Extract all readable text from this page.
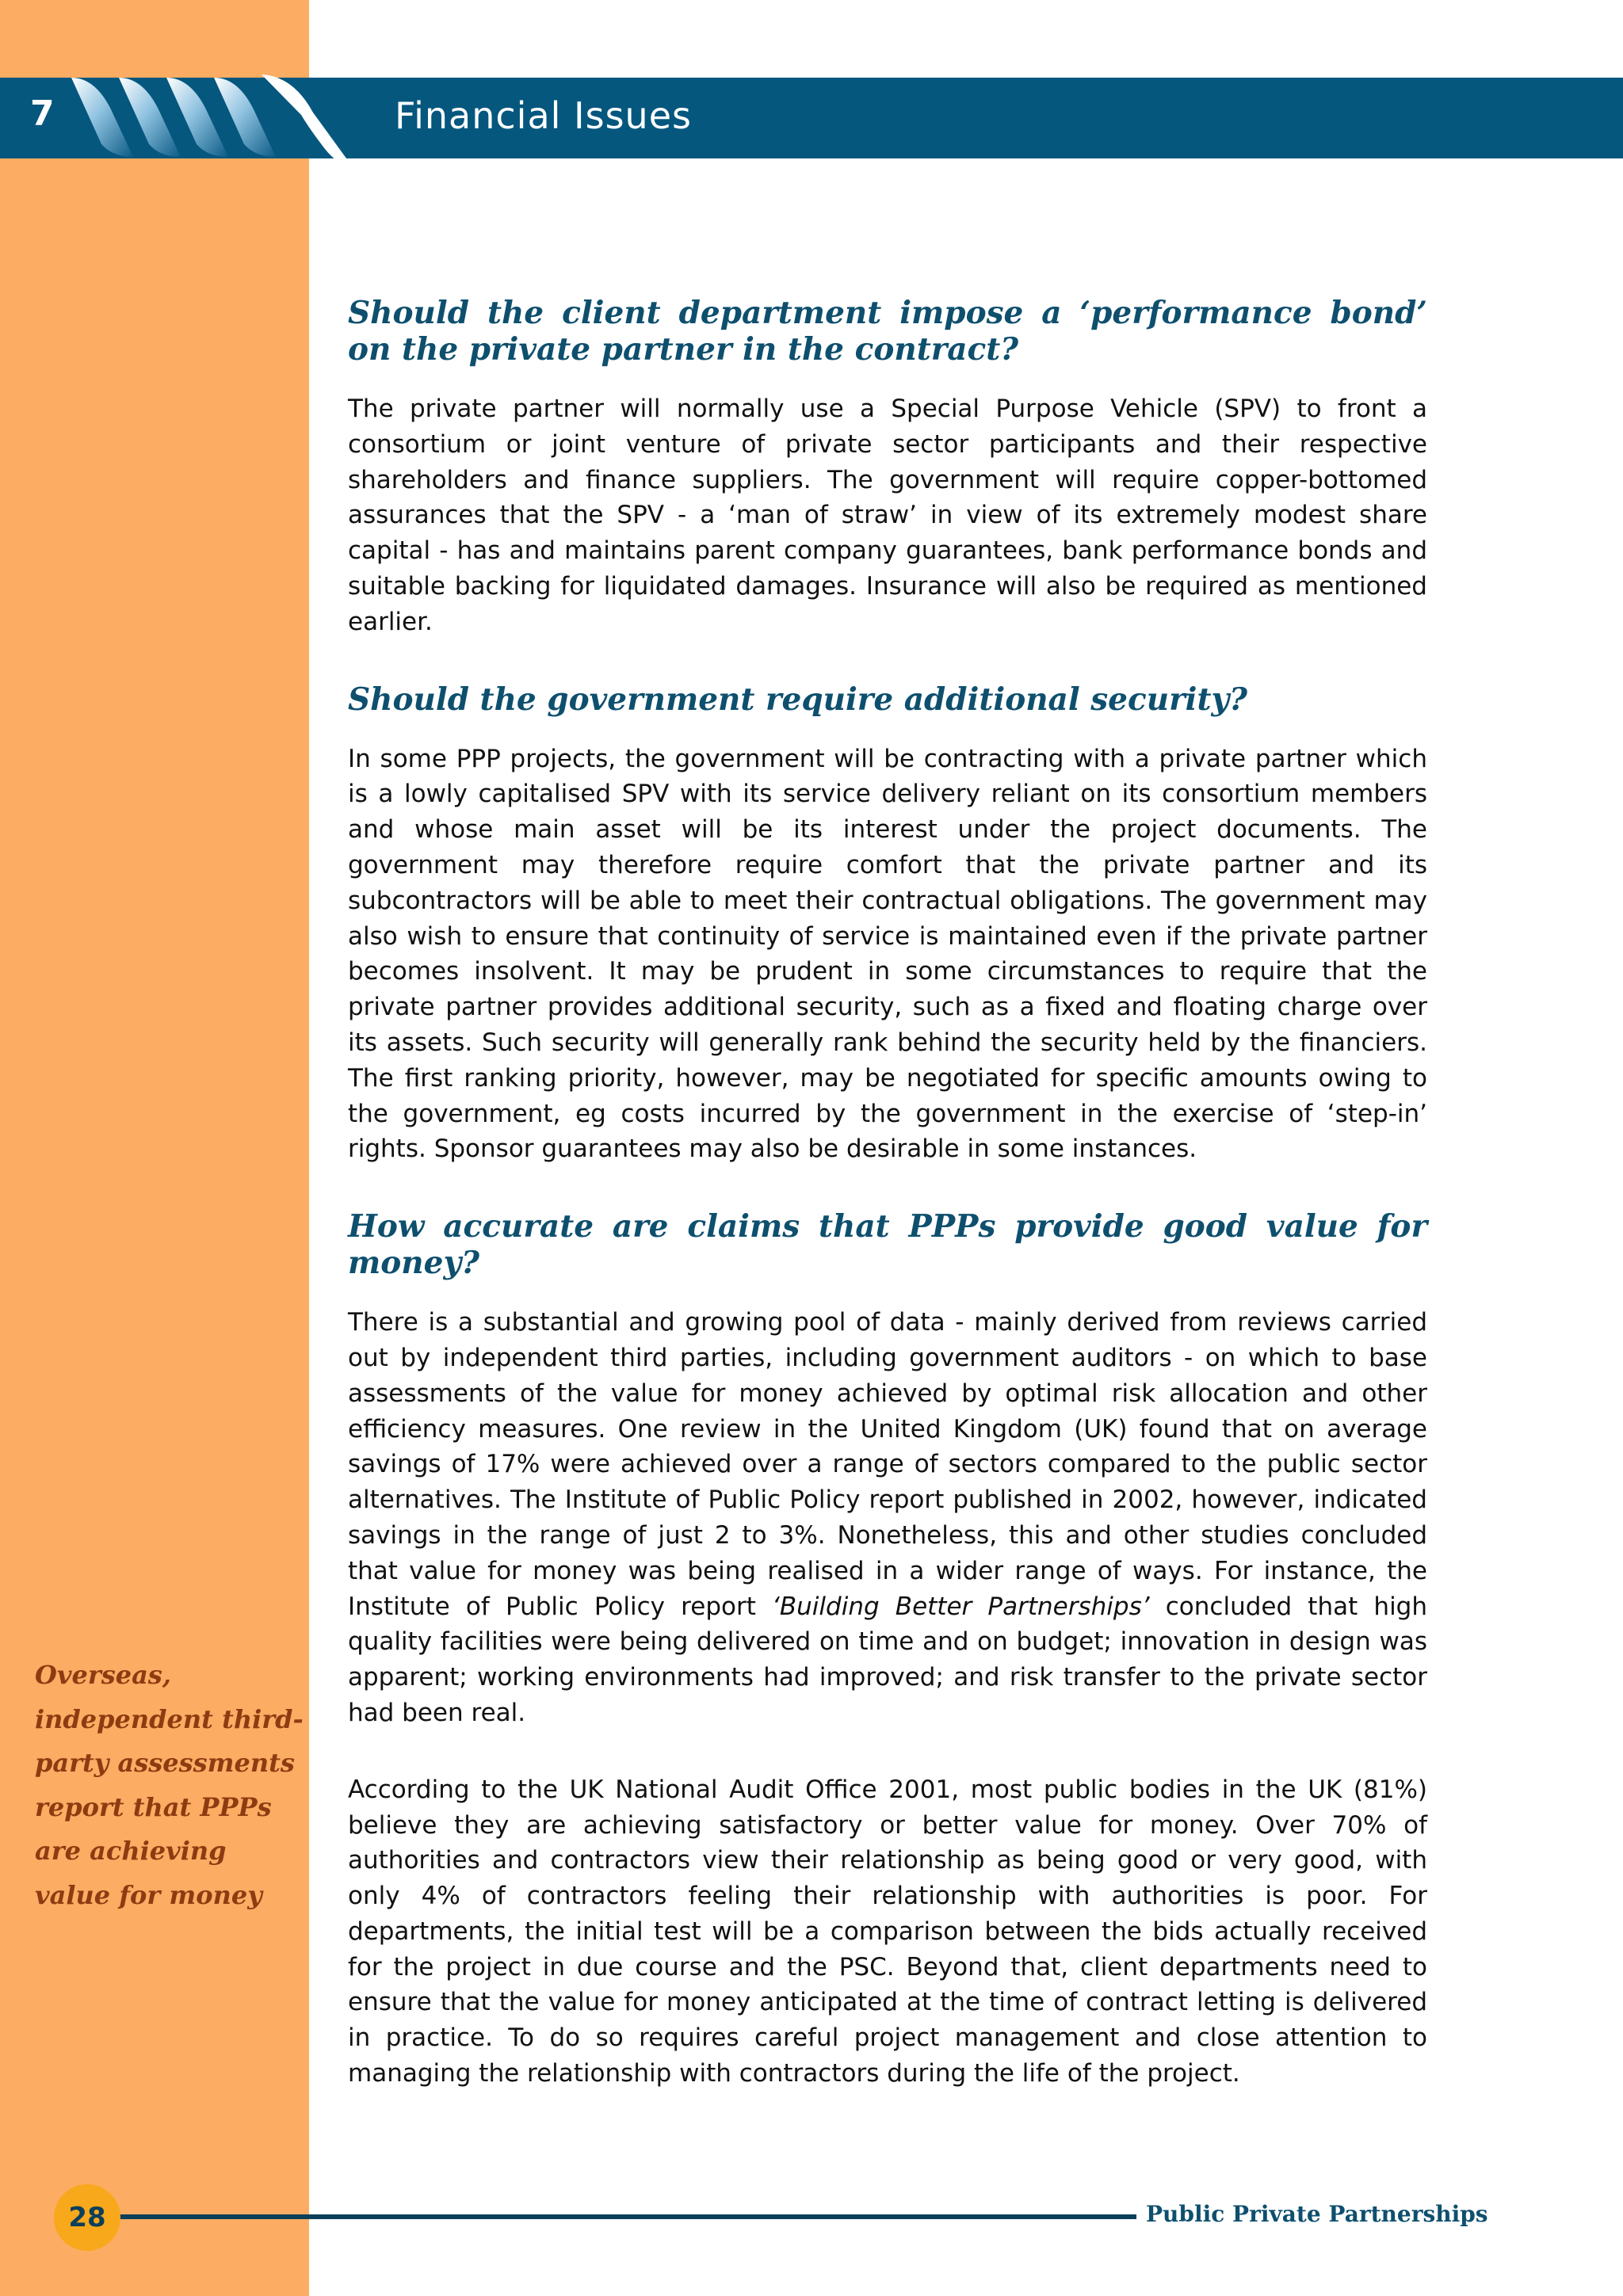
7	Financial Issues
Should the client department impose a ‘performance bond’ on the private partner in the contract?

The private partner will normally use a Special Purpose Vehicle (SPV) to front a consortium or joint venture of private sector participants and their respective shareholders and finance suppliers. The government will require copper-bottomed assurances that the SPV - a ‘man of straw’ in view of its extremely modest share capital - has and maintains parent company guarantees, bank performance bonds and suitable backing for liquidated damages. Insurance will also be required as mentioned earlier.

Should the government require additional security?

In some PPP projects, the government will be contracting with a private partner which is a lowly capitalised SPV with its service delivery reliant on its consortium members and whose main asset will be its interest under the project documents. The government may therefore require comfort that the private partner and its subcontractors will be able to meet their contractual obligations. The government may also wish to ensure that continuity of service is maintained even if the private partner becomes insolvent. It may be prudent in some circumstances to require that the private partner provides additional security, such as a fixed and floating charge over its assets. Such security will generally rank behind the security held by the financiers. The first ranking priority, however, may be negotiated for specific amounts owing to the government, eg costs incurred by the government in the exercise of ‘step-in’ rights. Sponsor guarantees may also be desirable in some instances.

How accurate are claims that PPPs provide good value for money?

There is a substantial and growing pool of data - mainly derived from reviews carried out by independent third parties, including government auditors - on which to base assessments of the value for money achieved by optimal risk allocation and other efficiency measures. One review in the United Kingdom (UK) found that on average savings of 17% were achieved over a range of sectors compared to the public sector alternatives. The Institute of Public Policy report published in 2002, however, indicated savings in the range of just 2 to 3%. Nonetheless, this and other studies concluded that value for money was being realised in a wider range of ways. For instance, the Institute of Public Policy report ‘Building Better Partnerships’ concluded that high quality facilities were being delivered on time and on budget; innovation in design was apparent; working environments had improved; and risk transfer to the private sector had been real.

According to the UK National Audit Office 2001, most public bodies in the UK (81%) believe they are achieving satisfactory or better value for money. Over 70% of authorities and contractors view their relationship as being good or very good, with only 4% of contractors feeling their relationship with authorities is poor. For departments, the initial test will be a comparison between the bids actually received for the project in due course and the PSC. Beyond that, client departments need to ensure that the value for money anticipated at the time of contract letting is delivered in practice. To do so requires careful project management and close attention to managing the relationship with contractors during the life of the project.

Overseas, independent third-party assessments report that PPPs are achieving value for money
28	Public Private Partnerships
